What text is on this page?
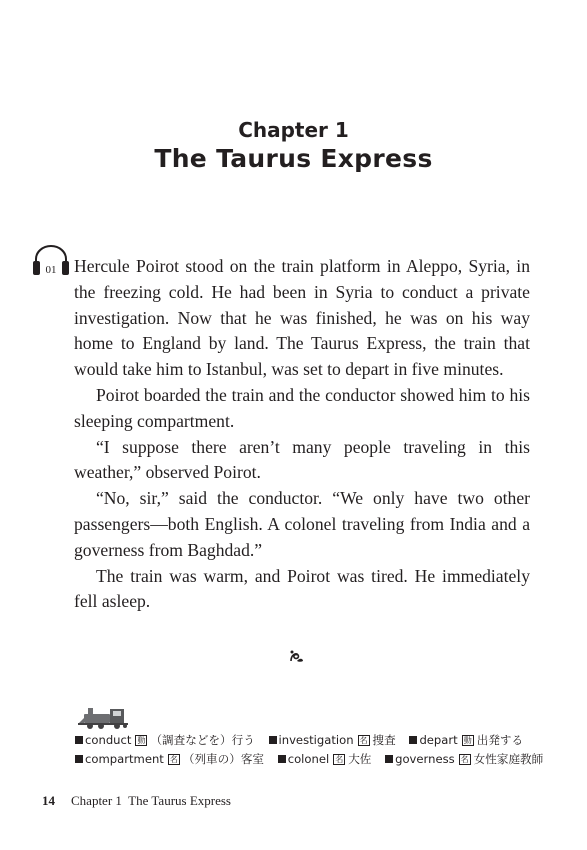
Chapter 1
The Taurus Express
01 Hercule Poirot stood on the train platform in Aleppo, Syria, in the freezing cold. He had been in Syria to conduct a private investigation. Now that he was finished, he was on his way home to England by land. The Taurus Express, the train that would take him to Istanbul, was set to depart in five minutes.

Poirot boarded the train and the conductor showed him to his sleeping compartment.

“I suppose there aren’t many people traveling in this weather,” observed Poirot.

“No, sir,” said the conductor. “We only have two other passengers—both English. A colonel traveling from India and a governess from Baghdad.”

The train was warm, and Poirot was tired. He immediately fell asleep.

conduct 動 （調査などを）行う investigation 名 捜査 depart 動 出発する
compartment 名 （列車の）客室 colonel 名 大佐 governess 名 女性家庭教師
14 Chapter 1  The Taurus Express
